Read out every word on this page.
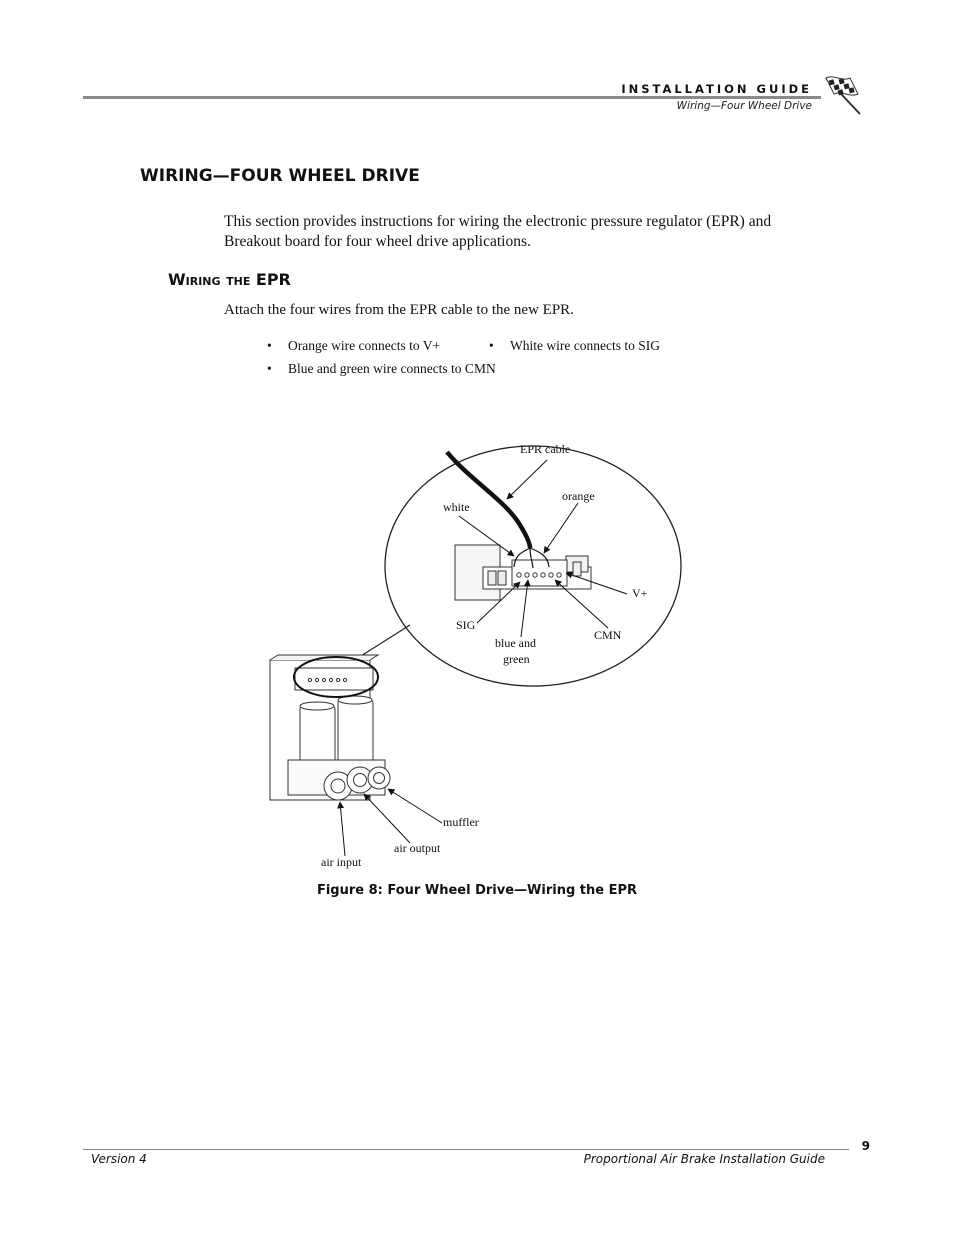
INSTALLATION GUIDE
Wiring—Four Wheel Drive
WIRING—FOUR WHEEL DRIVE
This section provides instructions for wiring the electronic pressure regulator (EPR) and Breakout board for four wheel drive applications.
Wiring the EPR
Attach the four wires from the EPR cable to the new EPR.
• Orange wire connects to V+	• White wire connects to SIG
• Blue and green wire connects to CMN
EPR cable
orange
white
V+
SIG
CMN
blue and
green
muffler
air output
air input
Figure 8: Four Wheel Drive—Wiring the EPR
9
Version 4	Proportional Air Brake Installation Guide
